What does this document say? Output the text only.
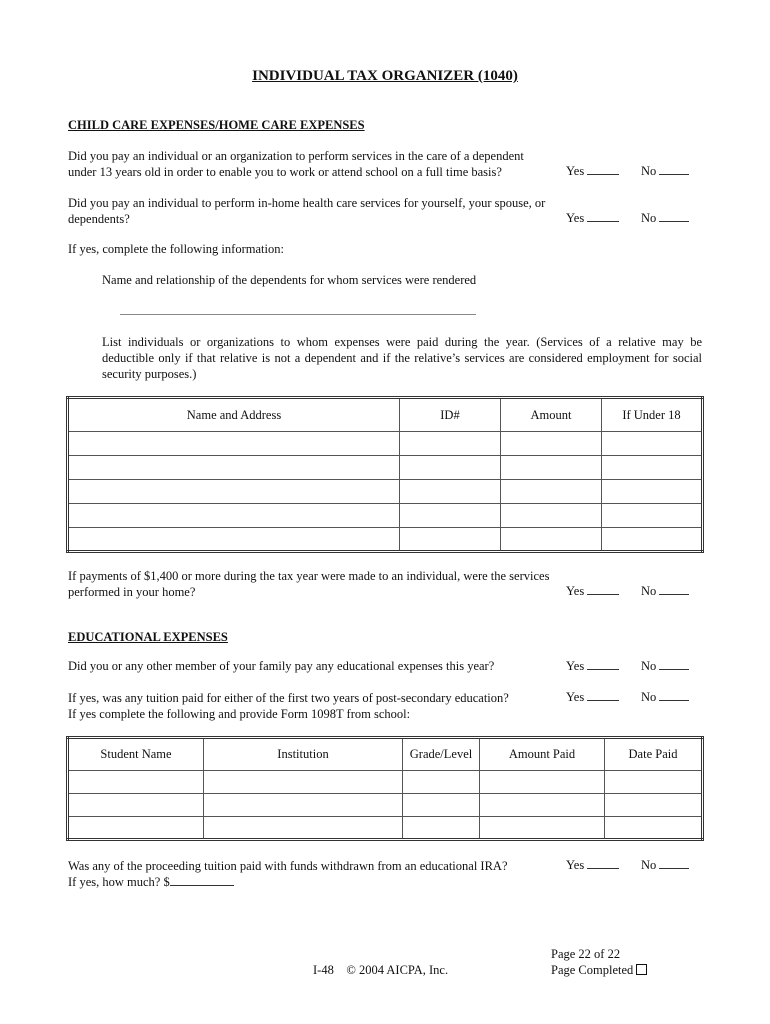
INDIVIDUAL TAX ORGANIZER (1040)
CHILD CARE EXPENSES/HOME CARE EXPENSES
Did you pay an individual or an organization to perform services in the care of a dependent
under 13 years old in order to enable you to work or attend school on a full time basis?	Yes	No
Did you pay an individual to perform in-home health care services for yourself, your spouse, or
dependents?	Yes	No
If yes, complete the following information:
Name and relationship of the dependents for whom services were rendered
List individuals or organizations to whom expenses were paid during the year. (Services of a relative may be
deductible only if that relative is not a dependent and if the relative’s services are considered employment for social
security purposes.)
Name and Address	ID#	Amount	If Under 18

If payments of $1,400 or more during the tax year were made to an individual, were the services
performed in your home?	Yes	No
EDUCATIONAL EXPENSES
Did you or any other member of your family pay any educational expenses this year?	Yes	No
If yes, was any tuition paid for either of the first two years of post-secondary education?
If yes complete the following and provide Form 1098T from school:
Yes	No
Student Name	Institution	Grade/Level	Amount Paid	Date Paid

Was any of the proceeding tuition paid with funds withdrawn from an educational IRA?
If yes, how much? $
Yes	No
Page 22 of 22
I-48    © 2004 AICPA, Inc.	Page Completed
